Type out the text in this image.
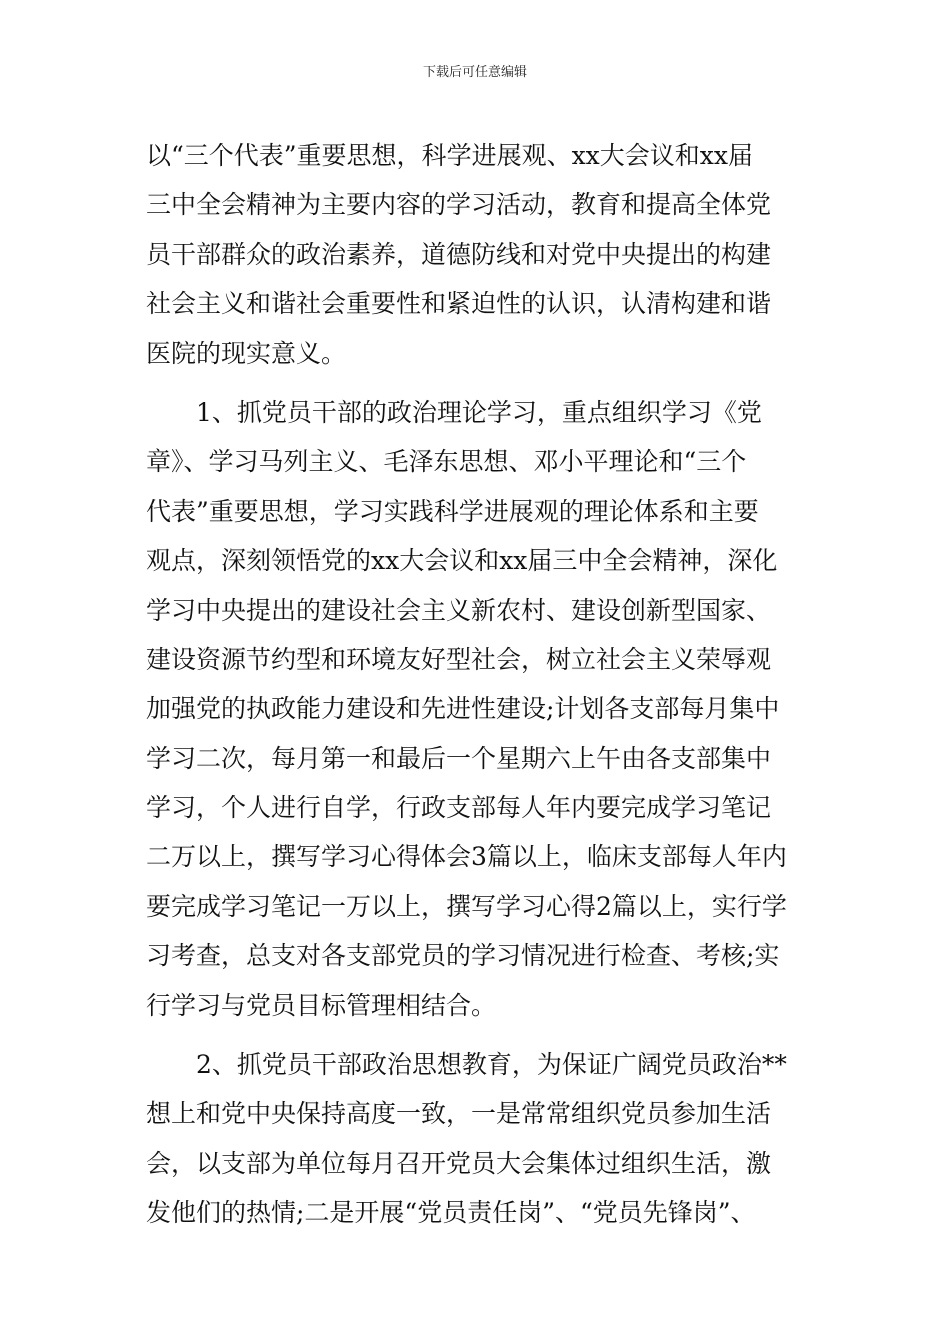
下载后可任意编辑
以“三个代表”重要思想，科学进展观、xx大会议和xx届
三中全会精神为主要内容的学习活动，教育和提高全体党
员干部群众的政治素养，道德防线和对党中央提出的构建
社会主义和谐社会重要性和紧迫性的认识，认清构建和谐
医院的现实意义。
　　1、抓党员干部的政治理论学习，重点组织学习《党
章》、学习马列主义、毛泽东思想、邓小平理论和“三个
代表”重要思想，学习实践科学进展观的理论体系和主要
观点，深刻领悟党的xx大会议和xx届三中全会精神，深化
学习中央提出的建设社会主义新农村、建设创新型国家、
建设资源节约型和环境友好型社会，树立社会主义荣辱观
加强党的执政能力建设和先进性建设;计划各支部每月集中
学习二次，每月第一和最后一个星期六上午由各支部集中
学习，个人进行自学，行政支部每人年内要完成学习笔记
二万以上，撰写学习心得体会3篇以上，临床支部每人年内
要完成学习笔记一万以上，撰写学习心得2篇以上，实行学
习考查，总支对各支部党员的学习情况进行检查、考核;实
行学习与党员目标管理相结合。
　　2、抓党员干部政治思想教育，为保证广阔党员政治**
想上和党中央保持高度一致，一是常常组织党员参加生活
会，以支部为单位每月召开党员大会集体过组织生活，激
发他们的热情;二是开展“党员责任岗”、“党员先锋岗”、
